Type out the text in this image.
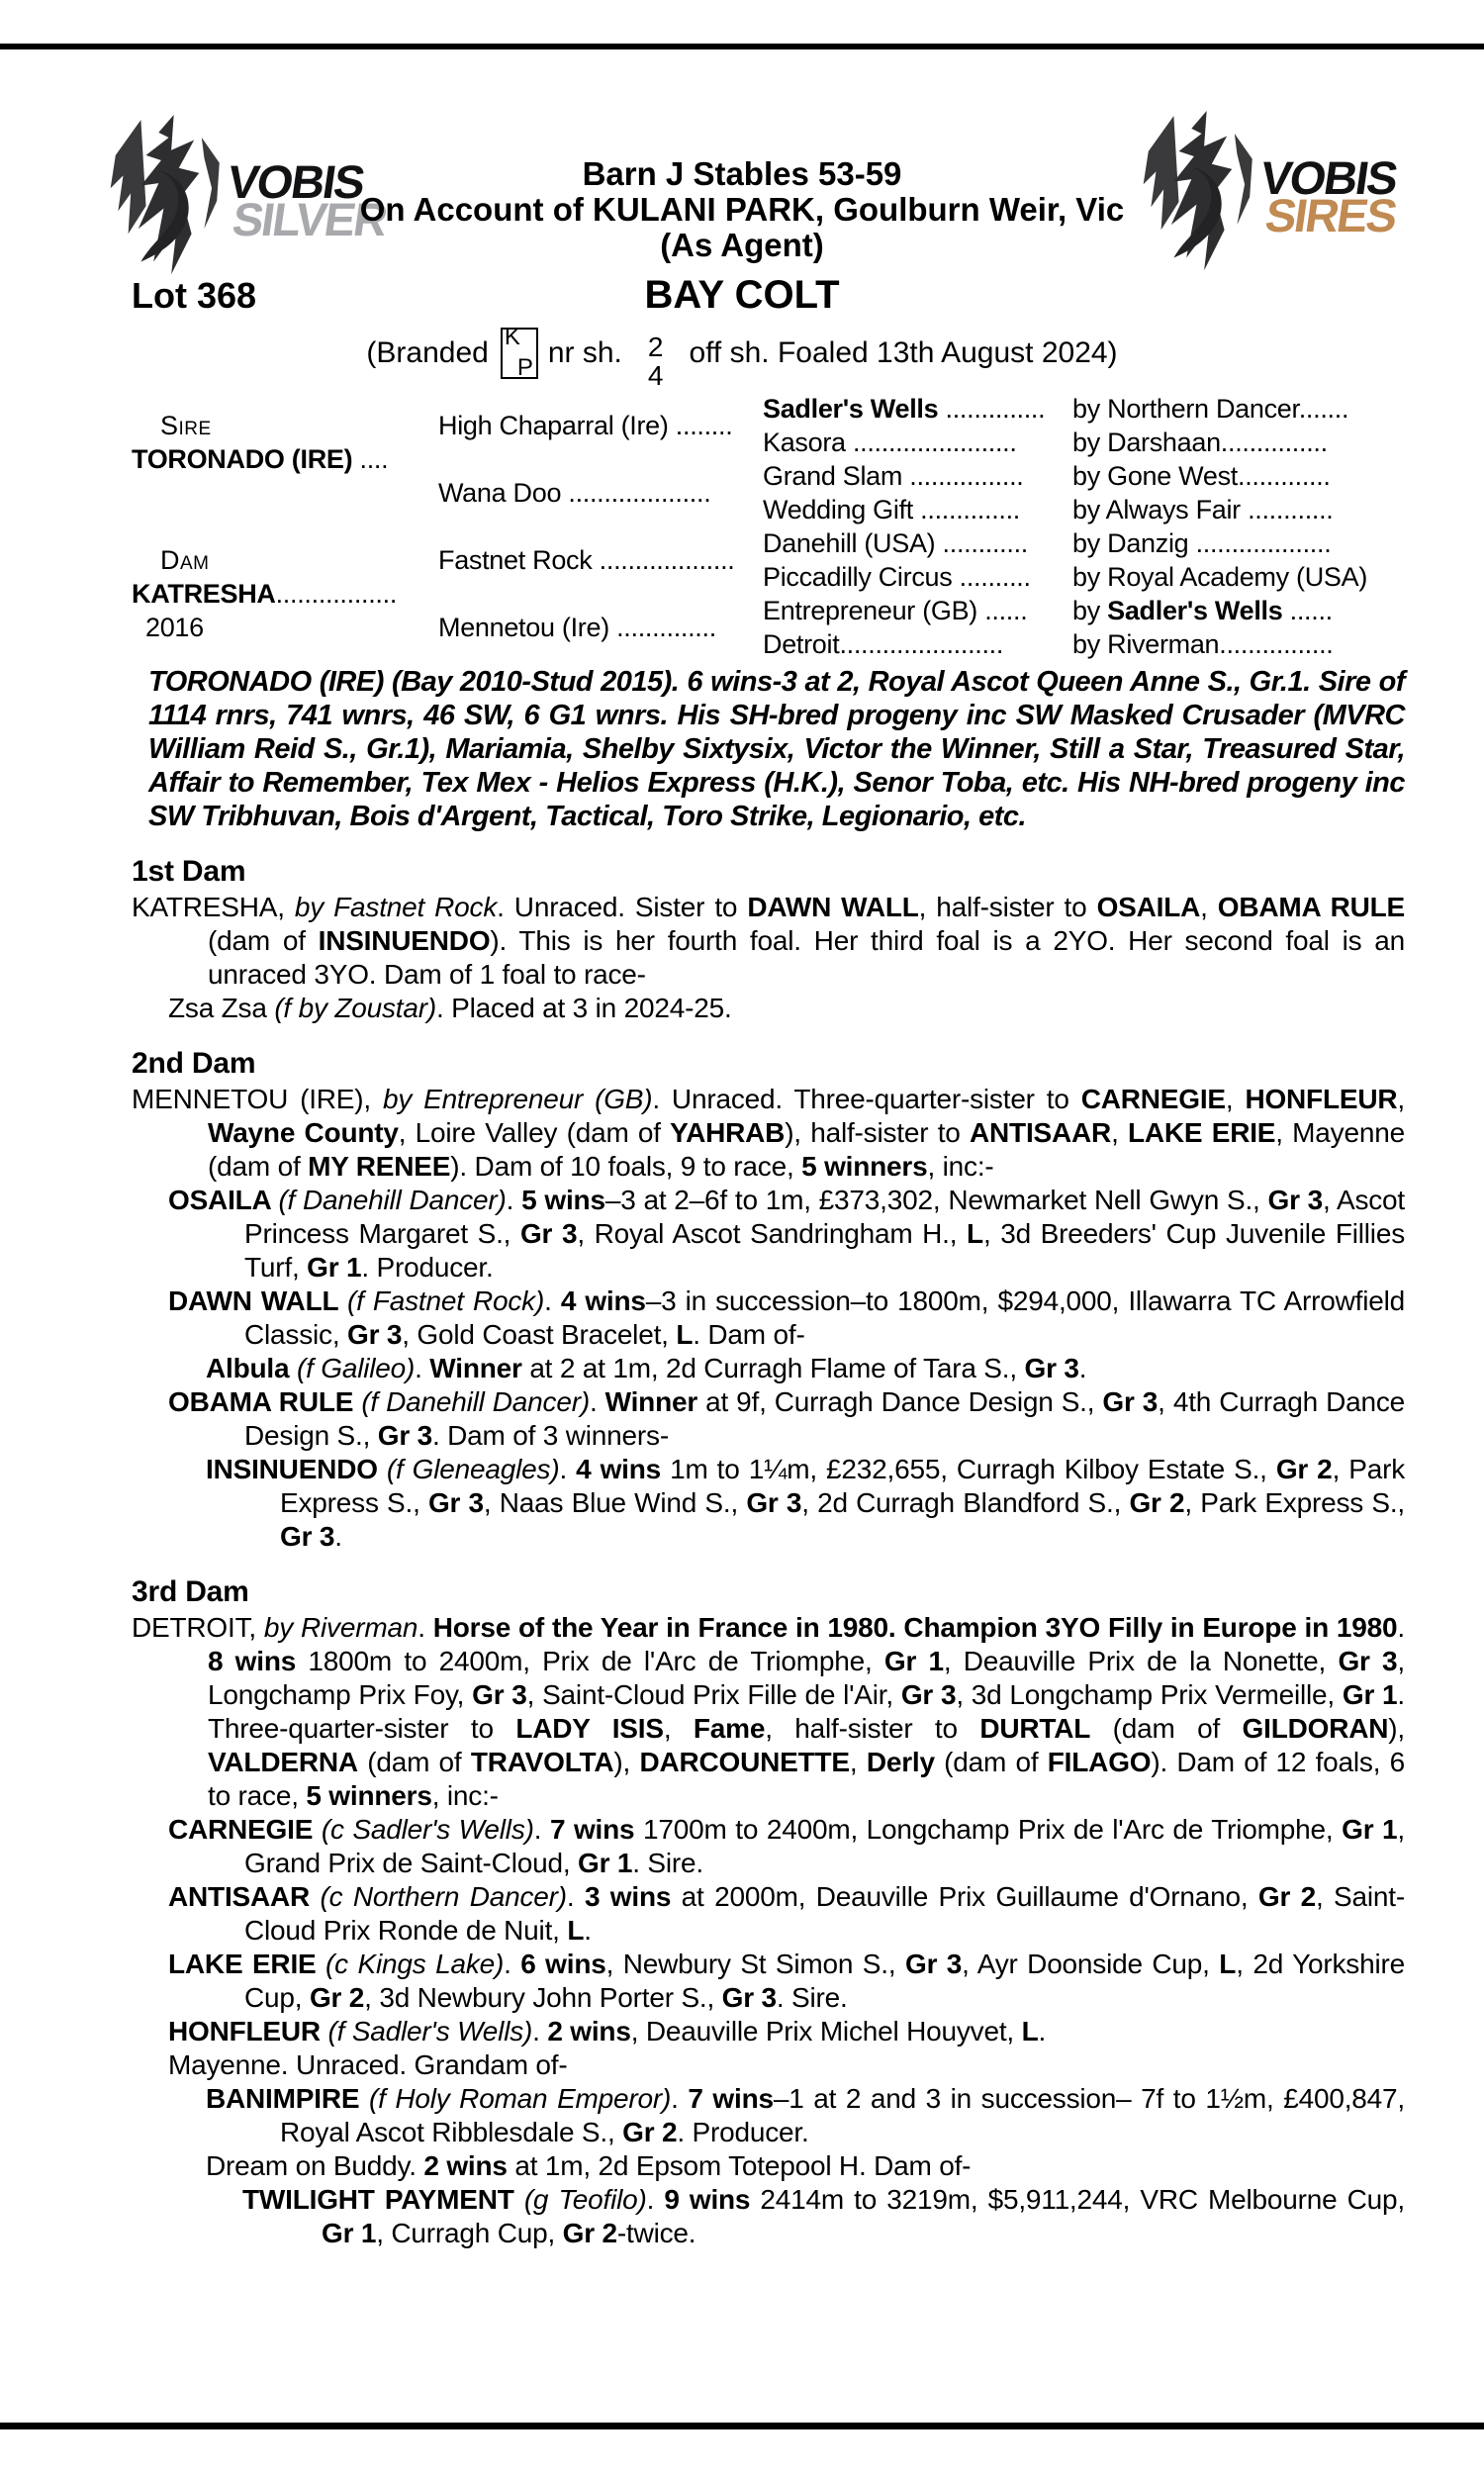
VOBIS
SILVER
VOBIS
SIRES
Barn J Stables 53-59
On Account of KULANI PARK, Goulburn Weir, Vic
(As Agent)
BAY COLT
Lot 368
(Branded K
P nr sh. 2
4
off sh. Foaled 13th August 2024)
Sire
TORONADO (IRE) ....
Dam
KATRESHA.................
2016
High Chaparral (Ire) ........
Wana Doo ....................
Fastnet Rock ...................
Mennetou (Ire) ..............
Sadler's Wells ..............
Kasora .......................
Grand Slam ................
Wedding Gift ..............
Danehill (USA) ............
Piccadilly Circus ..........
Entrepreneur (GB) ......
Detroit.......................
by Northern Dancer.......
by Darshaan...............
by Gone West.............
by Always Fair ............
by Danzig ...................
by Royal Academy (USA)
by Sadler's Wells ......
by Riverman................
TORONADO (IRE) (Bay 2010-Stud 2015). 6 wins-3 at 2, Royal Ascot Queen Anne S., Gr.1. Sire of 1114 rnrs, 741 wnrs, 46 SW, 6 G1 wnrs. His SH-bred progeny inc SW Masked Crusader (MVRC William Reid S., Gr.1), Mariamia, Shelby Sixtysix, Victor the Winner, Still a Star, Treasured Star, Affair to Remember, Tex Mex - Helios Express (H.K.), Senor Toba, etc. His NH-bred progeny inc SW Tribhuvan, Bois d'Argent, Tactical, Toro Strike, Legionario, etc.
1st Dam
KATRESHA, by Fastnet Rock. Unraced. Sister to DAWN WALL, half-sister to OSAILA, OBAMA RULE (dam of INSINUENDO). This is her fourth foal. Her third foal is a 2YO. Her second foal is an unraced 3YO. Dam of 1 foal to race-
Zsa Zsa (f by Zoustar). Placed at 3 in 2024-25.
2nd Dam
MENNETOU (IRE), by Entrepreneur (GB). Unraced. Three-quarter-sister to CARNEGIE, HONFLEUR, Wayne County, Loire Valley (dam of YAHRAB), half-sister to ANTISAAR, LAKE ERIE, Mayenne (dam of MY RENEE). Dam of 10 foals, 9 to race, 5 winners, inc:-
OSAILA (f Danehill Dancer). 5 wins–3 at 2–6f to 1m, £373,302, Newmarket Nell Gwyn S., Gr 3, Ascot Princess Margaret S., Gr 3, Royal Ascot Sandringham H., L, 3d Breeders' Cup Juvenile Fillies Turf, Gr 1. Producer.
DAWN WALL (f Fastnet Rock). 4 wins–3 in succession–to 1800m, $294,000, Illawarra TC Arrowfield Classic, Gr 3, Gold Coast Bracelet, L. Dam of-
Albula (f Galileo). Winner at 2 at 1m, 2d Curragh Flame of Tara S., Gr 3.
OBAMA RULE (f Danehill Dancer). Winner at 9f, Curragh Dance Design S., Gr 3, 4th Curragh Dance Design S., Gr 3. Dam of 3 winners-
INSINUENDO (f Gleneagles). 4 wins 1m to 1¼m, £232,655, Curragh Kilboy Estate S., Gr 2, Park Express S., Gr 3, Naas Blue Wind S., Gr 3, 2d Curragh Blandford S., Gr 2, Park Express S., Gr 3.
3rd Dam
DETROIT, by Riverman. Horse of the Year in France in 1980. Champion 3YO Filly in Europe in 1980. 8 wins 1800m to 2400m, Prix de l'Arc de Triomphe, Gr 1, Deauville Prix de la Nonette, Gr 3, Longchamp Prix Foy, Gr 3, Saint-Cloud Prix Fille de l'Air, Gr 3, 3d Longchamp Prix Vermeille, Gr 1. Three-quarter-sister to LADY ISIS, Fame, half-sister to DURTAL (dam of GILDORAN), VALDERNA (dam of TRAVOLTA), DARCOUNETTE, Derly (dam of FILAGO). Dam of 12 foals, 6 to race, 5 winners, inc:-
CARNEGIE (c Sadler's Wells). 7 wins 1700m to 2400m, Longchamp Prix de l'Arc de Triomphe, Gr 1, Grand Prix de Saint-Cloud, Gr 1. Sire.
ANTISAAR (c Northern Dancer). 3 wins at 2000m, Deauville Prix Guillaume d'Ornano, Gr 2, Saint-Cloud Prix Ronde de Nuit, L.
LAKE ERIE (c Kings Lake). 6 wins, Newbury St Simon S., Gr 3, Ayr Doonside Cup, L, 2d Yorkshire Cup, Gr 2, 3d Newbury John Porter S., Gr 3. Sire.
HONFLEUR (f Sadler's Wells). 2 wins, Deauville Prix Michel Houyvet, L.
Mayenne. Unraced. Grandam of-
BANIMPIRE (f Holy Roman Emperor). 7 wins–1 at 2 and 3 in succession– 7f to 1½m, £400,847, Royal Ascot Ribblesdale S., Gr 2. Producer.
Dream on Buddy. 2 wins at 1m, 2d Epsom Totepool H. Dam of-
TWILIGHT PAYMENT (g Teofilo). 9 wins 2414m to 3219m, $5,911,244, VRC Melbourne Cup, Gr 1, Curragh Cup, Gr 2-twice.
